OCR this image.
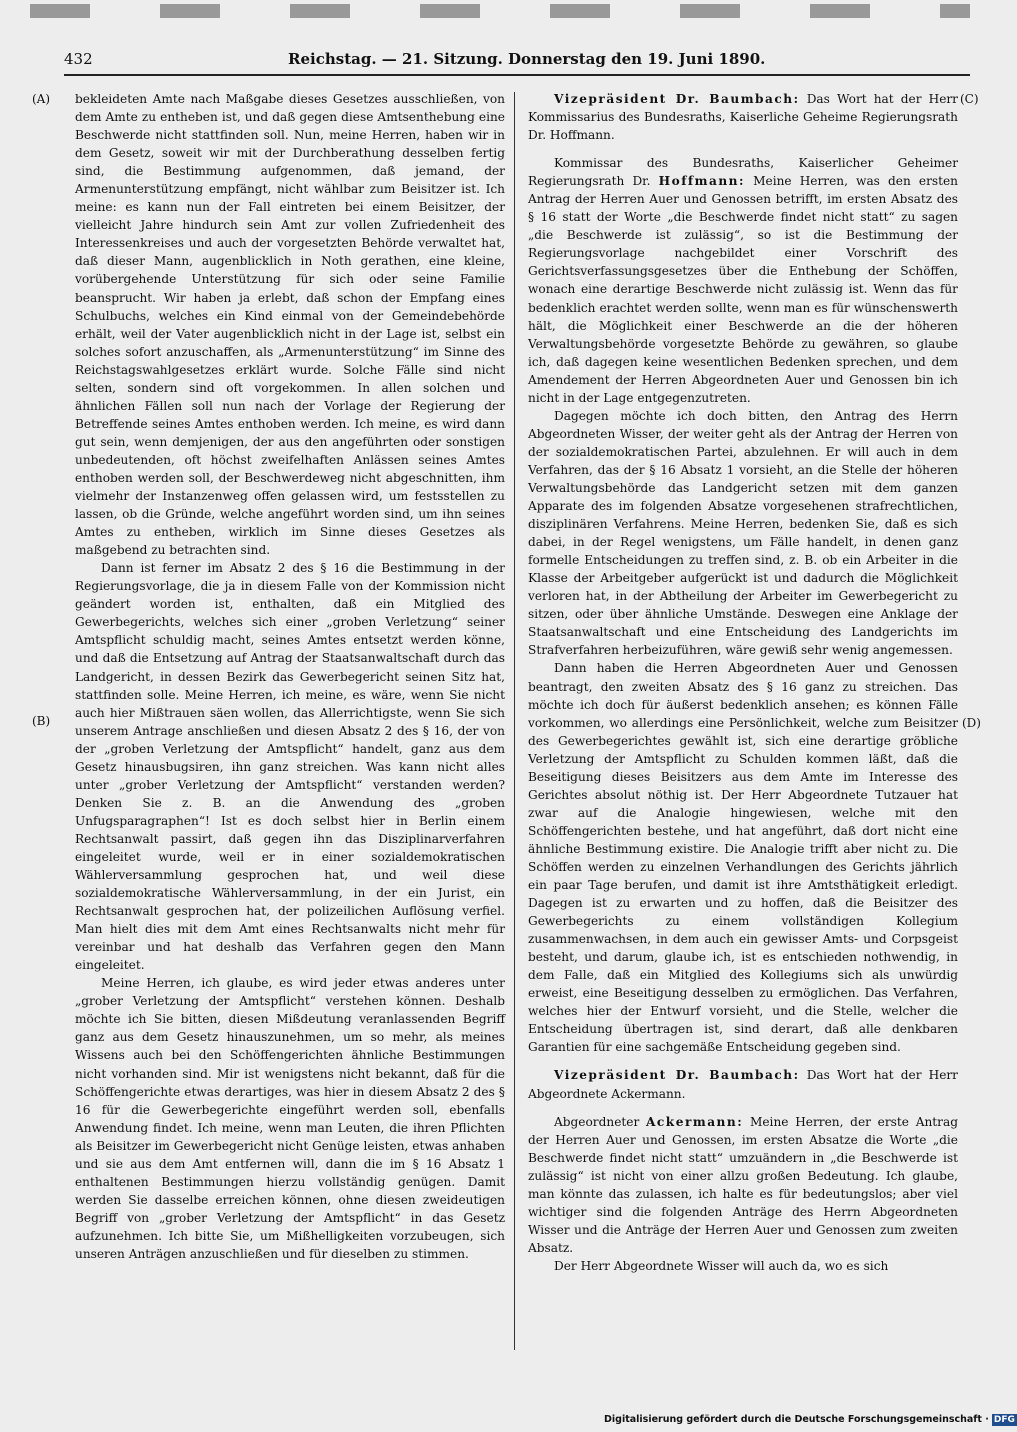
432	Reichstag. — 21. Sitzung. Donnerstag den 19. Juni 1890.
(A)
(B)
(C)
(D)

bekleideten Amte nach Maßgabe dieses Gesetzes ausschließen, von dem Amte zu entheben ist, und daß gegen diese Amtsenthebung eine Beschwerde nicht stattfinden soll. Nun, meine Herren, haben wir in dem Gesetz, soweit wir mit der Durchberathung desselben fertig sind, die Bestimmung aufgenommen, daß jemand, der Armenunterstützung empfängt, nicht wählbar zum Beisitzer ist. Ich meine: es kann nun der Fall eintreten bei einem Beisitzer, der vielleicht Jahre hindurch sein Amt zur vollen Zufriedenheit des Interessenkreises und auch der vorgesetzten Behörde verwaltet hat, daß dieser Mann, augenblicklich in Noth gerathen, eine kleine, vorübergehende Unterstützung für sich oder seine Familie beansprucht. Wir haben ja erlebt, daß schon der Empfang eines Schulbuchs, welches ein Kind einmal von der Gemeindebehörde erhält, weil der Vater augenblicklich nicht in der Lage ist, selbst ein solches sofort anzuschaffen, als „Armenunterstützung“ im Sinne des Reichstagswahlgesetzes erklärt wurde. Solche Fälle sind nicht selten, sondern sind oft vorgekommen. In allen solchen und ähnlichen Fällen soll nun nach der Vorlage der Regierung der Betreffende seines Amtes enthoben werden. Ich meine, es wird dann gut sein, wenn demjenigen, der aus den angeführten oder sonstigen unbedeutenden, oft höchst zweifelhaften Anlässen seines Amtes enthoben werden soll, der Beschwerdeweg nicht abgeschnitten, ihm vielmehr der Instanzenweg offen gelassen wird, um festsstellen zu lassen, ob die Gründe, welche angeführt worden sind, um ihn seines Amtes zu entheben, wirklich im Sinne dieses Gesetzes als maßgebend zu betrachten sind.

Dann ist ferner im Absatz 2 des § 16 die Bestimmung in der Regierungsvorlage, die ja in diesem Falle von der Kommission nicht geändert worden ist, enthalten, daß ein Mitglied des Gewerbegerichts, welches sich einer „groben Verletzung“ seiner Amtspflicht schuldig macht, seines Amtes entsetzt werden könne, und daß die Entsetzung auf Antrag der Staatsanwaltschaft durch das Landgericht, in dessen Bezirk das Gewerbegericht seinen Sitz hat, stattfinden solle. Meine Herren, ich meine, es wäre, wenn Sie nicht auch hier Mißtrauen säen wollen, das Allerrichtigste, wenn Sie sich unserem Antrage anschließen und diesen Absatz 2 des § 16, der von der „groben Verletzung der Amtspflicht“ handelt, ganz aus dem Gesetz hinausbugsiren, ihn ganz streichen. Was kann nicht alles unter „grober Verletzung der Amtspflicht“ verstanden werden? Denken Sie z. B. an die Anwendung des „groben Unfugsparagraphen“! Ist es doch selbst hier in Berlin einem Rechtsanwalt passirt, daß gegen ihn das Disziplinarverfahren eingeleitet wurde, weil er in einer sozialdemokratischen Wählerversammlung gesprochen hat, und weil diese sozialdemokratische Wählerversammlung, in der ein Jurist, ein Rechtsanwalt gesprochen hat, der polizeilichen Auflösung verfiel. Man hielt dies mit dem Amt eines Rechtsanwalts nicht mehr für vereinbar und hat deshalb das Verfahren gegen den Mann eingeleitet.

Meine Herren, ich glaube, es wird jeder etwas anderes unter „grober Verletzung der Amtspflicht“ verstehen können. Deshalb möchte ich Sie bitten, diesen Mißdeutung veranlassenden Begriff ganz aus dem Gesetz hinauszunehmen, um so mehr, als meines Wissens auch bei den Schöffengerichten ähnliche Bestimmungen nicht vorhanden sind. Mir ist wenigstens nicht bekannt, daß für die Schöffengerichte etwas derartiges, was hier in diesem Absatz 2 des § 16 für die Gewerbegerichte eingeführt werden soll, ebenfalls Anwendung findet. Ich meine, wenn man Leuten, die ihren Pflichten als Beisitzer im Gewerbegericht nicht Genüge leisten, etwas anhaben und sie aus dem Amt entfernen will, dann die im § 16 Absatz 1 enthaltenen Bestimmungen hierzu vollständig genügen. Damit werden Sie dasselbe erreichen können, ohne diesen zweideutigen Begriff von „grober Verletzung der Amtspflicht“ in das Gesetz aufzunehmen. Ich bitte Sie, um Mißhelligkeiten vorzubeugen, sich unseren Anträgen anzuschließen und für dieselben zu stimmen.

Vizepräsident Dr. Baumbach: Das Wort hat der Herr Kommissarius des Bundesraths, Kaiserliche Geheime Regierungsrath Dr. Hoffmann.

Kommissar des Bundesraths, Kaiserlicher Geheimer Regierungsrath Dr. Hoffmann: Meine Herren, was den ersten Antrag der Herren Auer und Genossen betrifft, im ersten Absatz des § 16 statt der Worte „die Beschwerde findet nicht statt“ zu sagen „die Beschwerde ist zulässig“, so ist die Bestimmung der Regierungsvorlage nachgebildet einer Vorschrift des Gerichtsverfassungsgesetzes über die Enthebung der Schöffen, wonach eine derartige Beschwerde nicht zulässig ist. Wenn das für bedenklich erachtet werden sollte, wenn man es für wünschenswerth hält, die Möglichkeit einer Beschwerde an die der höheren Verwaltungsbehörde vorgesetzte Behörde zu gewähren, so glaube ich, daß dagegen keine wesentlichen Bedenken sprechen, und dem Amendement der Herren Abgeordneten Auer und Genossen bin ich nicht in der Lage entgegenzutreten.

Dagegen möchte ich doch bitten, den Antrag des Herrn Abgeordneten Wisser, der weiter geht als der Antrag der Herren von der sozialdemokratischen Partei, abzulehnen. Er will auch in dem Verfahren, das der § 16 Absatz 1 vorsieht, an die Stelle der höheren Verwaltungsbehörde das Landgericht setzen mit dem ganzen Apparate des im folgenden Absatze vorgesehenen strafrechtlichen, disziplinären Verfahrens. Meine Herren, bedenken Sie, daß es sich dabei, in der Regel wenigstens, um Fälle handelt, in denen ganz formelle Entscheidungen zu treffen sind, z. B. ob ein Arbeiter in die Klasse der Arbeitgeber aufgerückt ist und dadurch die Möglichkeit verloren hat, in der Abtheilung der Arbeiter im Gewerbegericht zu sitzen, oder über ähnliche Umstände. Deswegen eine Anklage der Staatsanwaltschaft und eine Entscheidung des Landgerichts im Strafverfahren herbeizuführen, wäre gewiß sehr wenig angemessen.

Dann haben die Herren Abgeordneten Auer und Genossen beantragt, den zweiten Absatz des § 16 ganz zu streichen. Das möchte ich doch für äußerst bedenklich ansehen; es können Fälle vorkommen, wo allerdings eine Persönlichkeit, welche zum Beisitzer des Gewerbegerichtes gewählt ist, sich eine derartige gröbliche Verletzung der Amtspflicht zu Schulden kommen läßt, daß die Beseitigung dieses Beisitzers aus dem Amte im Interesse des Gerichtes absolut nöthig ist. Der Herr Abgeordnete Tutzauer hat zwar auf die Analogie hingewiesen, welche mit den Schöffengerichten bestehe, und hat angeführt, daß dort nicht eine ähnliche Bestimmung existire. Die Analogie trifft aber nicht zu. Die Schöffen werden zu einzelnen Verhandlungen des Gerichts jährlich ein paar Tage berufen, und damit ist ihre Amtsthätigkeit erledigt. Dagegen ist zu erwarten und zu hoffen, daß die Beisitzer des Gewerbegerichts zu einem vollständigen Kollegium zusammenwachsen, in dem auch ein gewisser Amts- und Corpsgeist besteht, und darum, glaube ich, ist es entschieden nothwendig, in dem Falle, daß ein Mitglied des Kollegiums sich als unwürdig erweist, eine Beseitigung desselben zu ermöglichen. Das Verfahren, welches hier der Entwurf vorsieht, und die Stelle, welcher die Entscheidung übertragen ist, sind derart, daß alle denkbaren Garantien für eine sachgemäße Entscheidung gegeben sind.

Vizepräsident Dr. Baumbach: Das Wort hat der Herr Abgeordnete Ackermann.

Abgeordneter Ackermann: Meine Herren, der erste Antrag der Herren Auer und Genossen, im ersten Absatze die Worte „die Beschwerde findet nicht statt“ umzuändern in „die Beschwerde ist zulässig“ ist nicht von einer allzu großen Bedeutung. Ich glaube, man könnte das zulassen, ich halte es für bedeutungslos; aber viel wichtiger sind die folgenden Anträge des Herrn Abgeordneten Wisser und die Anträge der Herren Auer und Genossen zum zweiten Absatz.

Der Herr Abgeordnete Wisser will auch da, wo es sich

Digitalisierung gefördert durch die Deutsche Forschungsgemeinschaft · DFG
